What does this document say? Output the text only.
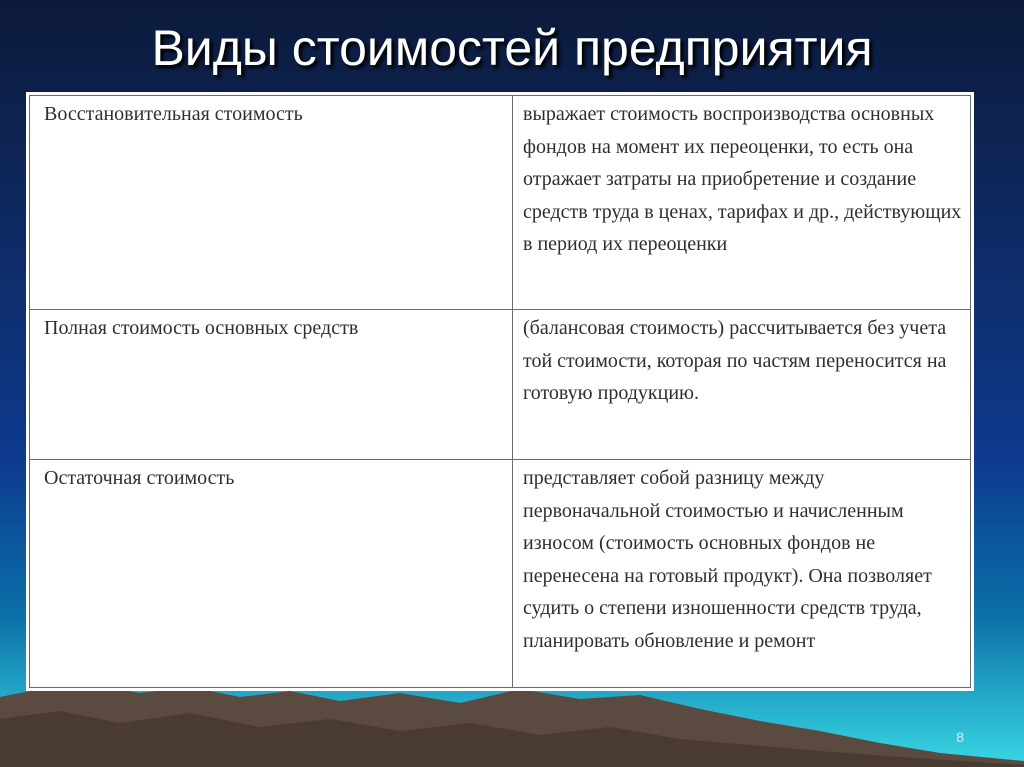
Виды стоимостей предприятия
Восстановительная стоимость	выражает стоимость воспроизводства основных фондов на момент их переоценки, то есть она отражает затраты на приобретение и создание средств труда в ценах, тарифах и др., действующих в период их переоценки
Полная стоимость основных средств	(балансовая стоимость) рассчитывается без учета той стоимости, которая по частям переносится на готовую продукцию.
Остаточная стоимость	представляет собой разницу между первоначальной стоимостью и начисленным износом (стоимость основных фондов не перенесена на готовый продукт). Она позволяет судить о степени изношенности средств труда, планировать обновление и ремонт
8
